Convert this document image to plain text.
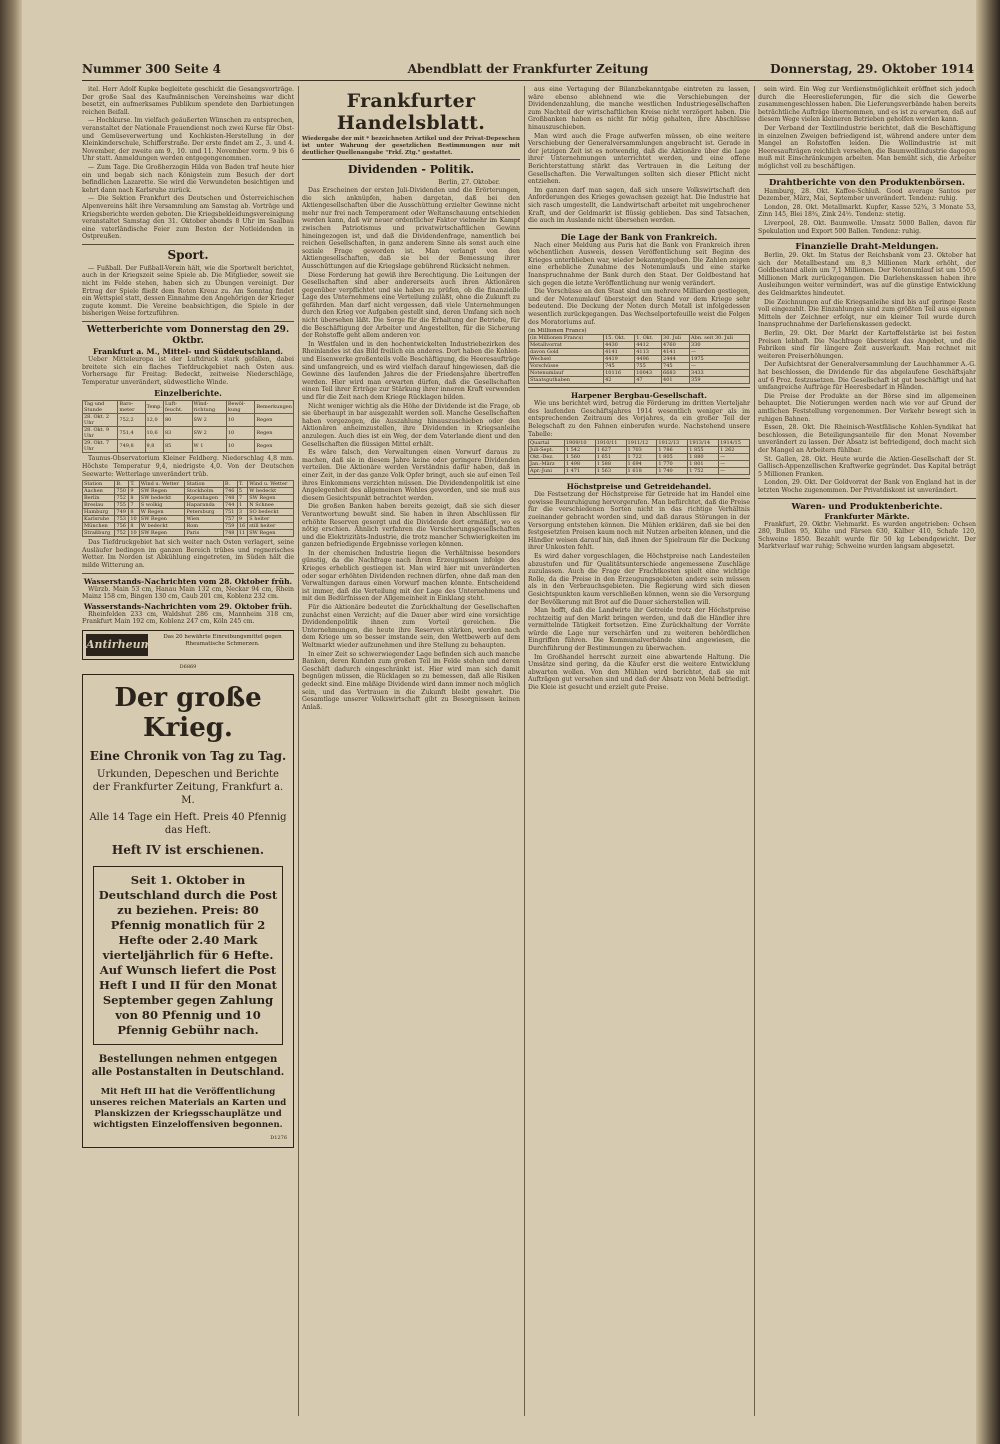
Nummer 300 Seite 4	Abendblatt der Frankfurter Zeitung	Donnerstag, 29. Oktober 1914

itel. Herr Adolf Kupke begleitete geschickt die Gesangsvorträge. Der große Saal des Kaufmännischen Vereinsheims war dicht besetzt, ein aufmerksames Publikum spendete den Darbietungen reichen Beifall.

— Hochkurse. Im vielfach geäußerten Wünschen zu entsprechen, veranstaltet der Nationale Frauendienst noch zwei Kurse für Obst- und Gemüseverwertung und Kochkisten-Herstellung in der Kleinkinderschule, Schifferstraße. Der erste findet am 2., 3. und 4. November, der zweite am 9., 10. und 11. November vorm. 9 bis 6 Uhr statt. Anmeldungen werden entgegengenommen.

— Zum Tage. Die Großherzogin Hilda von Baden traf heute hier ein und begab sich nach Königstein zum Besuch der dort befindlichen Lazarette. Sie wird die Verwundeten besichtigen und kehrt dann nach Karlsruhe zurück.

— Die Sektion Frankfurt des Deutschen und Österreichischen Alpenvereins hält ihre Versammlung am Samstag ab. Vorträge und Kriegsberichte werden geboten. Die Kriegsbekleidungsvereinigung veranstaltet Samstag den 31. Oktober abends 8 Uhr im Saalbau eine vaterländische Feier zum Besten der Notleidenden in Ostpreußen.

Sport.

— Fußball. Der Fußball-Verein hält, wie die Sportwelt berichtet, auch in der Kriegszeit seine Spiele ab. Die Mitglieder, soweit sie nicht im Felde stehen, haben sich zu Übungen vereinigt. Der Ertrag der Spiele fließt dem Roten Kreuz zu. Am Sonntag findet ein Wettspiel statt, dessen Einnahme den Angehörigen der Krieger zugute kommt. Die Vereine beabsichtigen, die Spiele in der bisherigen Weise fortzuführen.

Wetterberichte vom Donnerstag den 29. Oktbr.
Frankfurt a. M., Mittel- und Süddeutschland.

Ueber Mitteleuropa ist der Luftdruck stark gefallen, dabei breitete sich ein flaches Tiefdruckgebiet nach Osten aus. Vorhersage für Freitag: Bedeckt, zeitweise Niederschläge, Temperatur unverändert, südwestliche Winde.

Einzelberichte.
Tag und Stunde	Baro-meter	Temp.	Luft-feucht.	Wind-richtung	Bewöl-kung	Bemerkungen
28. Okt. 2 Uhr	752,2	12,0	80	SW 2	10	Regen
28. Okt. 9 Uhr	751,4	10,6	83	SW 2	10	Regen
29. Okt. 7 Uhr	749,8	9,8	85	W 1	10	Regen

Taunus-Observatorium Kleiner Feldberg. Niederschlag 4,8 mm. Höchste Temperatur 9,4, niedrigste 4,0. Von der Deutschen Seewarte: Wetterlage unverändert trüb.

Station	B.	T.	Wind u. Wetter	Station	B.	T.	Wind u. Wetter
Aachen	750	9	SW Regen	Stockholm	746	5	W bedeckt
Berlin	752	8	SW bedeckt	Kopenhagen	748	7	SW Regen
Breslau	755	7	S wolkig	Haparanda	744	1	N Schnee
Hamburg	749	8	W Regen	Petersburg	751	3	SO bedeckt
Karlsruhe	753	10	SW Regen	Wien	757	9	S heiter
München	756	8	W bedeckt	Rom	759	16	still heiter
Straßburg	752	10	SW Regen	Paris	748	11	SW Regen

Das Tiefdruckgebiet hat sich weiter nach Osten verlagert, seine Ausläufer bedingen im ganzen Bereich trübes und regnerisches Wetter. Im Norden ist Abkühlung eingetreten, im Süden hält die milde Witterung an.

Wasserstands-Nachrichten vom 28. Oktober früh.

Würzb. Main 53 cm, Hanau Main 132 cm, Neckar 94 cm, Rhein Mainz 158 cm, Bingen 130 cm, Caub 201 cm, Koblenz 232 cm.

Wasserstands-Nachrichten vom 29. Oktober früh.

Rheinfelden 233 cm, Waldshut 286 cm, Mannheim 318 cm, Frankfurt Main 192 cm, Koblenz 247 cm, Köln 245 cm.

Antirheumol
Das 20 hewährte Einreibungsmittel gegen Rheumatische Schmerzen.
D6869
Der große Krieg.
Eine Chronik von Tag zu Tag.
Urkunden, Depeschen und Berichte der Frankfurter Zeitung, Frankfurt a. M.
Alle 14 Tage ein Heft. Preis 40 Pfennig das Heft.
Heft IV ist erschienen.
Seit 1. Oktober in Deutschland durch die Post zu beziehen. Preis: 80 Pfennig monatlich für 2 Hefte oder 2.40 Mark vierteljährlich für 6 Hefte. Auf Wunsch liefert die Post Heft I und II für den Monat September gegen Zahlung von 80 Pfennig und 10 Pfennig Gebühr nach.
Bestellungen nehmen entgegen alle Postanstalten in Deutschland.
Mit Heft III hat die Veröffentlichung unseres reichen Materials an Karten und Planskizzen der Kriegsschauplätze und wichtigsten Einzeloffensiven begonnen.
D1276
Frankfurter Handelsblatt.
Wiedergabe der mit * bezeichneten Artikel und der Privat-Depeschen ist unter Wahrung der gesetzlichen Bestimmungen nur mit deutlicher Quellenangabe "Frkf. Ztg." gestattet.
Dividenden - Politik.
Berlin, 27. Oktober.

Das Erscheinen der ersten Juli-Dividenden und die Erörterungen, die sich anknüpfen, haben dargetan, daß bei den Aktiengesellschaften über die Ausschüttung erzielter Gewinne nicht mehr nur frei nach Temperament oder Weltanschauung entschieden werden kann, daß wir neuer ordentlicher Faktor vielmehr im Kampf zwischen Patriotismus und privatwirtschaftlichen Gewinn hineingezogen ist, und daß die Dividendenfrage, namentlich bei reichen Gesellschaften, in ganz anderem Sinne als sonst auch eine soziale Frage geworden ist. Man verlangt von den Aktiengesellschaften, daß sie bei der Bemessung ihrer Ausschüttungen auf die Kriegslage gebührend Rücksicht nehmen.

Diese Forderung hat gewiß ihre Berechtigung. Die Leitungen der Gesellschaften sind aber andererseits auch ihren Aktionären gegenüber verpflichtet und sie haben zu prüfen, ob die finanzielle Lage des Unternehmens eine Verteilung zuläßt, ohne die Zukunft zu gefährden. Man darf nicht vergessen, daß viele Unternehmungen durch den Krieg vor Aufgaben gestellt sind, deren Umfang sich noch nicht übersehen läßt. Die Sorge für die Erhaltung der Betriebe, für die Beschäftigung der Arbeiter und Angestellten, für die Sicherung der Rohstoffe geht allem anderen vor.

In Westfalen und in den hochentwickelten Industriebezirken des Rheinlandes ist das Bild freilich ein anderes. Dort haben die Kohlen- und Eisenwerke großenteils volle Beschäftigung, die Heeresaufträge sind umfangreich, und es wird vielfach darauf hingewiesen, daß die Gewinne des laufenden Jahres die der Friedensjahre übertreffen werden. Hier wird man erwarten dürfen, daß die Gesellschaften einen Teil ihrer Erträge zur Stärkung ihrer inneren Kraft verwenden und für die Zeit nach dem Kriege Rücklagen bilden.

Nicht weniger wichtig als die Höhe der Dividende ist die Frage, ob sie überhaupt in bar ausgezahlt werden soll. Manche Gesellschaften haben vorgezogen, die Auszahlung hinauszuschieben oder den Aktionären anheimzustellen, ihre Dividenden in Kriegsanleihe anzulegen. Auch dies ist ein Weg, der dem Vaterlande dient und den Gesellschaften die flüssigen Mittel erhält.

Es wäre falsch, den Verwaltungen einen Vorwurf daraus zu machen, daß sie in diesem Jahre keine oder geringere Dividenden verteilen. Die Aktionäre werden Verständnis dafür haben, daß in einer Zeit, in der das ganze Volk Opfer bringt, auch sie auf einen Teil ihres Einkommens verzichten müssen. Die Dividendenpolitik ist eine Angelegenheit des allgemeinen Wohles geworden, und sie muß aus diesem Gesichtspunkt betrachtet werden.

Die großen Banken haben bereits gezeigt, daß sie sich dieser Verantwortung bewußt sind. Sie haben in ihren Abschlüssen für erhöhte Reserven gesorgt und die Dividende dort ermäßigt, wo es nötig erschien. Ähnlich verfahren die Versicherungsgesellschaften und die Elektrizitäts-Industrie, die trotz mancher Schwierigkeiten im ganzen befriedigende Ergebnisse vorlegen können.

In der chemischen Industrie liegen die Verhältnisse besonders günstig, da die Nachfrage nach ihren Erzeugnissen infolge des Krieges erheblich gestiegen ist. Man wird hier mit unveränderten oder sogar erhöhten Dividenden rechnen dürfen, ohne daß man den Verwaltungen daraus einen Vorwurf machen könnte. Entscheidend ist immer, daß die Verteilung mit der Lage des Unternehmens und mit den Bedürfnissen der Allgemeinheit in Einklang steht.

Für die Aktionäre bedeutet die Zurückhaltung der Gesellschaften zunächst einen Verzicht; auf die Dauer aber wird eine vorsichtige Dividendenpolitik ihnen zum Vorteil gereichen. Die Unternehmungen, die heute ihre Reserven stärken, werden nach dem Kriege um so besser imstande sein, den Wettbewerb auf dem Weltmarkt wieder aufzunehmen und ihre Stellung zu behaupten.

In einer Zeit so schwerwiegender Lage befinden sich auch manche Banken, deren Kunden zum großen Teil im Felde stehen und deren Geschäft dadurch eingeschränkt ist. Hier wird man sich damit begnügen müssen, die Rücklagen so zu bemessen, daß alle Risiken gedeckt sind. Eine mäßige Dividende wird dann immer noch möglich sein, und das Vertrauen in die Zukunft bleibt gewahrt. Die Gesamtlage unserer Volkswirtschaft gibt zu Besorgnissen keinen Anlaß.

aus eine Vertagung der Bilanzbekanntgabe eintreten zu lassen, wäre ebenso ablehnend wie die Verschiebungen der Dividendenzahlung, die manche westlichen Industriegesellschaften zum Nachteil der wirtschaftlichen Kreise nicht verzögert haben. Die Großbanken haben es nicht für nötig gehalten, ihre Abschlüsse hinauszuschieben.

Man wird auch die Frage aufwerfen müssen, ob eine weitere Verschiebung der Generalversammlungen angebracht ist. Gerade in der jetzigen Zeit ist es notwendig, daß die Aktionäre über die Lage ihrer Unternehmungen unterrichtet werden, und eine offene Berichterstattung stärkt das Vertrauen in die Leitung der Gesellschaften. Die Verwaltungen sollten sich dieser Pflicht nicht entziehen.

Im ganzen darf man sagen, daß sich unsere Volkswirtschaft den Anforderungen des Krieges gewachsen gezeigt hat. Die Industrie hat sich rasch umgestellt, die Landwirtschaft arbeitet mit ungebrochener Kraft, und der Geldmarkt ist flüssig geblieben. Das sind Tatsachen, die auch im Auslande nicht übersehen werden.

Die Lage der Bank von Frankreich.

Nach einer Meldung aus Paris hat die Bank von Frankreich ihren wöchentlichen Ausweis, dessen Veröffentlichung seit Beginn des Krieges unterblieben war, wieder bekanntgegeben. Die Zahlen zeigen eine erhebliche Zunahme des Notenumlaufs und eine starke Inanspruchnahme der Bank durch den Staat. Der Goldbestand hat sich gegen die letzte Veröffentlichung nur wenig verändert.

Die Vorschüsse an den Staat sind um mehrere Milliarden gestiegen, und der Notenumlauf übersteigt den Stand vor dem Kriege sehr bedeutend. Die Deckung der Noten durch Metall ist infolgedessen wesentlich zurückgegangen. Das Wechselportefeuille weist die Folgen des Moratoriums auf.

(in Millionen Francs)
(in Millionen Francs)	15. Okt.	1. Okt.	30. Juli	Abn. seit 30. Juli
Metallvorrat	4430	4412	4760	330
davon Gold	4141	4113	4141	—
Wechsel	4419	4496	2444	1975
Vorschüsse	745	755	745	—
Notenumlauf	10116	10043	6683	3433
Staatsguthaben	42	47	401	359
Harpener Bergbau-Gesellschaft.

Wie uns berichtet wird, betrug die Förderung im dritten Vierteljahr des laufenden Geschäftsjahres 1914 wesentlich weniger als im entsprechenden Zeitraum des Vorjahres, da ein großer Teil der Belegschaft zu den Fahnen einberufen wurde. Nachstehend unsere Tabelle:

Quartal	1909/10	1910/11	1911/12	1912/13	1913/14	1914/15
Juli-Sept.	1 542	1 627	1 703	1 786	1 855	1 262
Okt.-Dez.	1 560	1 651	1 722	1 805	1 880	—
Jan.-März	1 498	1 588	1 694	1 770	1 801	—
Apr.-Juni	1 471	1 563	1 618	1 740	1 752	—
Höchstpreise und Getreidehandel.

Die Festsetzung der Höchstpreise für Getreide hat im Handel eine gewisse Beunruhigung hervorgerufen. Man befürchtet, daß die Preise für die verschiedenen Sorten nicht in das richtige Verhältnis zueinander gebracht worden sind, und daß daraus Störungen in der Versorgung entstehen können. Die Mühlen erklären, daß sie bei den festgesetzten Preisen kaum noch mit Nutzen arbeiten können, und die Händler weisen darauf hin, daß ihnen der Spielraum für die Deckung ihrer Unkosten fehlt.

Es wird daher vorgeschlagen, die Höchstpreise nach Landesteilen abzustufen und für Qualitätsunterschiede angemessene Zuschläge zuzulassen. Auch die Frage der Frachtkosten spielt eine wichtige Rolle, da die Preise in den Erzeugungsgebieten andere sein müssen als in den Verbrauchsgebieten. Die Regierung wird sich diesen Gesichtspunkten kaum verschließen können, wenn sie die Versorgung der Bevölkerung mit Brot auf die Dauer sicherstellen will.

Man hofft, daß die Landwirte ihr Getreide trotz der Höchstpreise rechtzeitig auf den Markt bringen werden, und daß die Händler ihre vermittelnde Tätigkeit fortsetzen. Eine Zurückhaltung der Vorräte würde die Lage nur verschärfen und zu weiteren behördlichen Eingriffen führen. Die Kommunalverbände sind angewiesen, die Durchführung der Bestimmungen zu überwachen.

Im Großhandel herrscht zurzeit eine abwartende Haltung. Die Umsätze sind gering, da die Käufer erst die weitere Entwicklung abwarten wollen. Von den Mühlen wird berichtet, daß sie mit Aufträgen gut versehen sind und daß der Absatz von Mehl befriedigt. Die Kleie ist gesucht und erzielt gute Preise.

sein wird. Ein Weg zur Verdienstmöglichkeit eröffnet sich jedoch durch die Heereslieferungen, für die sich die Gewerbe zusammengeschlossen haben. Die Lieferungsverbände haben bereits beträchtliche Aufträge übernommen, und es ist zu erwarten, daß auf diesem Wege vielen kleineren Betrieben geholfen werden kann.

Der Verband der Textilindustrie berichtet, daß die Beschäftigung in einzelnen Zweigen befriedigend ist, während andere unter dem Mangel an Rohstoffen leiden. Die Wollindustrie ist mit Heeresaufträgen reichlich versehen, die Baumwollindustrie dagegen muß mit Einschränkungen arbeiten. Man bemüht sich, die Arbeiter möglichst voll zu beschäftigen.

Drahtberichte von den Produktenbörsen.

Hamburg, 28. Okt. Kaffee-Schluß. Good average Santos per Dezember, März, Mai, September unverändert. Tendenz: ruhig.

London, 28. Okt. Metallmarkt. Kupfer, Kasse 52¾, 3 Monate 53, Zinn 145, Blei 18¾, Zink 24½. Tendenz: stetig.

Liverpool, 28. Okt. Baumwolle. Umsatz 5000 Ballen, davon für Spekulation und Export 500 Ballen. Tendenz: ruhig.

Finanzielle Draht-Meldungen.

Berlin, 29. Okt. Im Status der Reichsbank vom 23. Oktober hat sich der Metallbestand um 8,3 Millionen Mark erhöht, der Goldbestand allein um 7,1 Millionen. Der Notenumlauf ist um 150,6 Millionen Mark zurückgegangen. Die Darlehenskassen haben ihre Ausleihungen weiter vermindert, was auf die günstige Entwicklung des Geldmarktes hindeutet.

Die Zeichnungen auf die Kriegsanleihe sind bis auf geringe Reste voll eingezahlt. Die Einzahlungen sind zum größten Teil aus eigenen Mitteln der Zeichner erfolgt, nur ein kleiner Teil wurde durch Inanspruchnahme der Darlehenskassen gedeckt.

Berlin, 29. Okt. Der Markt der Kartoffelstärke ist bei festen Preisen lebhaft. Die Nachfrage übersteigt das Angebot, und die Fabriken sind für längere Zeit ausverkauft. Man rechnet mit weiteren Preiserhöhungen.

Der Aufsichtsrat der Generalversammlung der Lauchhammer A.-G. hat beschlossen, die Dividende für das abgelaufene Geschäftsjahr auf 6 Proz. festzusetzen. Die Gesellschaft ist gut beschäftigt und hat umfangreiche Aufträge für Heeresbedarf in Händen.

Die Preise der Produkte an der Börse sind im allgemeinen behauptet. Die Notierungen werden nach wie vor auf Grund der amtlichen Feststellung vorgenommen. Der Verkehr bewegt sich in ruhigen Bahnen.

Essen, 28. Okt. Die Rheinisch-Westfälische Kohlen-Syndikat hat beschlossen, die Beteiligungsanteile für den Monat November unverändert zu lassen. Der Absatz ist befriedigend, doch macht sich der Mangel an Arbeitern fühlbar.

St. Gallen, 28. Okt. Heute wurde die Aktien-Gesellschaft der St. Gallisch-Appenzellischen Kraftwerke gegründet. Das Kapital beträgt 5 Millionen Franken.

London, 29. Okt. Der Goldvorrat der Bank von England hat in der letzten Woche zugenommen. Der Privatdiskont ist unverändert.

Waren- und Produktenberichte.
Frankfurter Märkte.

Frankfurt, 29. Oktbr. Viehmarkt. Es wurden angetrieben: Ochsen 280, Bullen 95, Kühe und Färsen 630, Kälber 410, Schafe 120, Schweine 1850. Bezahlt wurde für 50 kg Lebendgewicht. Der Marktverlauf war ruhig; Schweine wurden langsam abgesetzt.
